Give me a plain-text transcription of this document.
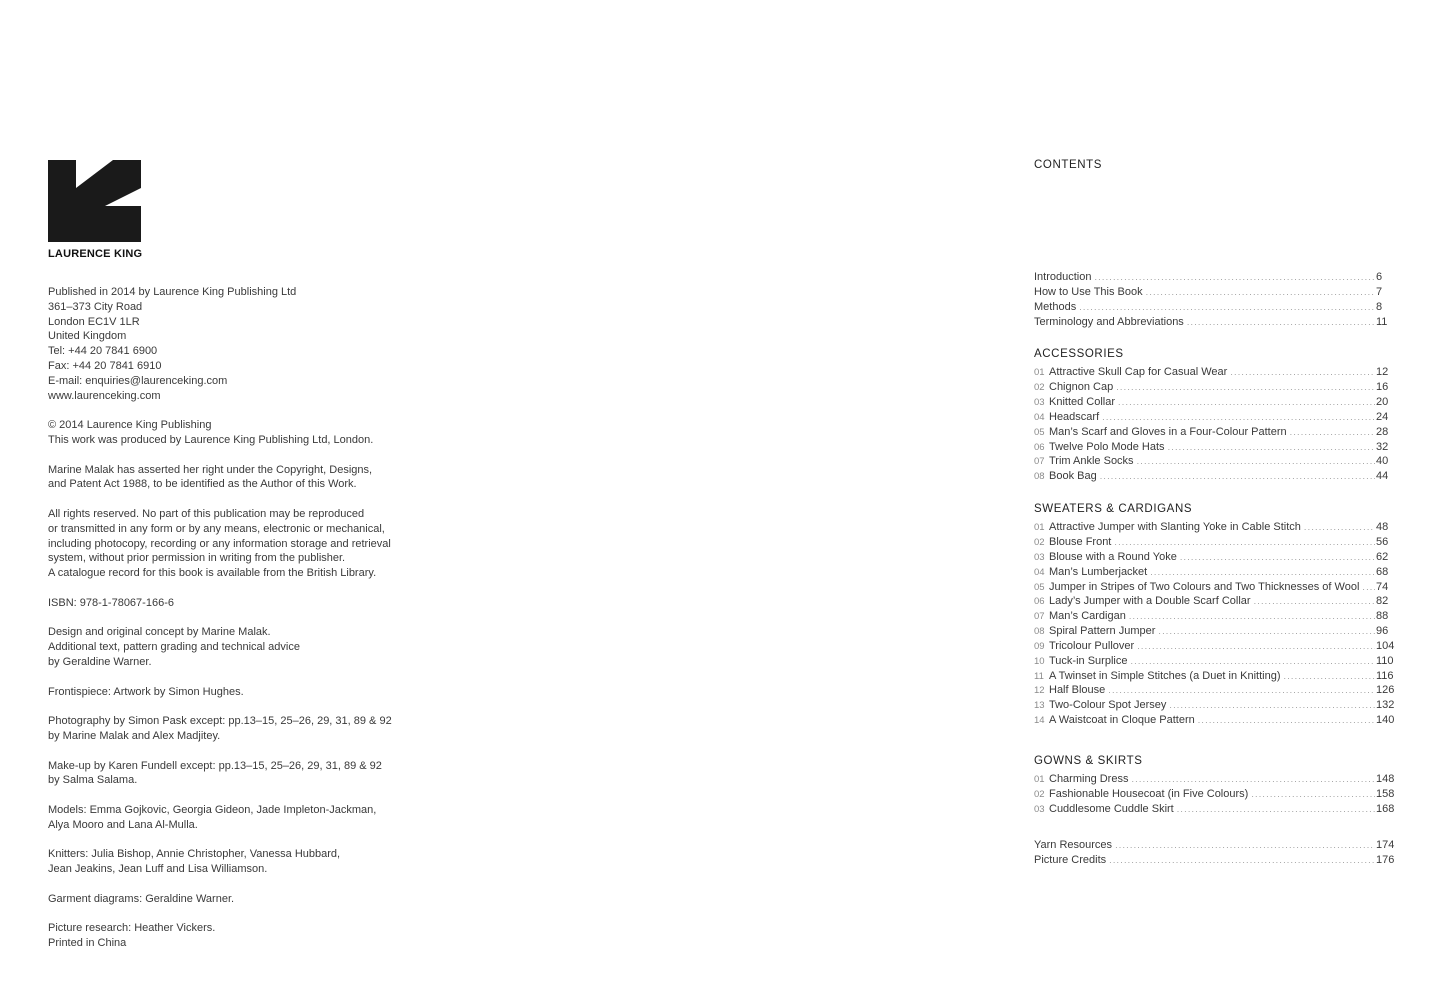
LAURENCE KING
Published in 2014 by Laurence King Publishing Ltd
361–373 City Road
London EC1V 1LR
United Kingdom
Tel: +44 20 7841 6900
Fax: +44 20 7841 6910
E-mail: enquiries@laurenceking.com
www.laurenceking.com
© 2014 Laurence King Publishing
This work was produced by Laurence King Publishing Ltd, London.
Marine Malak has asserted her right under the Copyright, Designs,
and Patent Act 1988, to be identified as the Author of this Work.
All rights reserved. No part of this publication may be reproduced
or transmitted in any form or by any means, electronic or mechanical,
including photocopy, recording or any information storage and retrieval
system, without prior permission in writing from the publisher.
A catalogue record for this book is available from the British Library.
ISBN: 978-1-78067-166-6
Design and original concept by Marine Malak.
Additional text, pattern grading and technical advice
by Geraldine Warner.
Frontispiece: Artwork by Simon Hughes.
Photography by Simon Pask except: pp.13–15, 25–26, 29, 31, 89 & 92
by Marine Malak and Alex Madjitey.
Make-up by Karen Fundell except: pp.13–15, 25–26, 29, 31, 89 & 92
by Salma Salama.
Models: Emma Gojkovic, Georgia Gideon, Jade Impleton-Jackman,
Alya Mooro and Lana Al-Mulla.
Knitters: Julia Bishop, Annie Christopher, Vanessa Hubbard,
Jean Jeakins, Jean Luff and Lisa Williamson.
Garment diagrams: Geraldine Warner.
Picture research: Heather Vickers.
Printed in China
CONTENTS
Introduction .....	6
How to Use This Book .....	7
Methods .....	8
Terminology and Abbreviations .....	11
ACCESSORIES
01 Attractive Skull Cap for Casual Wear .....	12
02 Chignon Cap .....	16
03 Knitted Collar .....	20
04 Headscarf .....	24
05 Man’s Scarf and Gloves in a Four-Colour Pattern .....	28
06 Twelve Polo Mode Hats .....	32
07 Trim Ankle Socks .....	40
08 Book Bag .....	44
SWEATERS & CARDIGANS
01 Attractive Jumper with Slanting Yoke in Cable Stitch .....	48
02 Blouse Front .....	56
03 Blouse with a Round Yoke .....	62
04 Man’s Lumberjacket .....	68
05 Jumper in Stripes of Two Colours and Two Thicknesses of Wool ..... 74
06 Lady’s Jumper with a Double Scarf Collar .....	82
07 Man’s Cardigan .....	88
08 Spiral Pattern Jumper .....	96
09 Tricolour Pullover .....	104
10 Tuck-in Surplice .....	110
11 A Twinset in Simple Stitches (a Duet in Knitting) .....	116
12 Half Blouse .....	126
13 Two-Colour Spot Jersey .....	132
14 A Waistcoat in Cloque Pattern .....	140
GOWNS & SKIRTS
01 Charming Dress .....	148
02 Fashionable Housecoat (in Five Colours) .....	158
03 Cuddlesome Cuddle Skirt .....	168
Yarn Resources .....	174
Picture Credits .....	176
